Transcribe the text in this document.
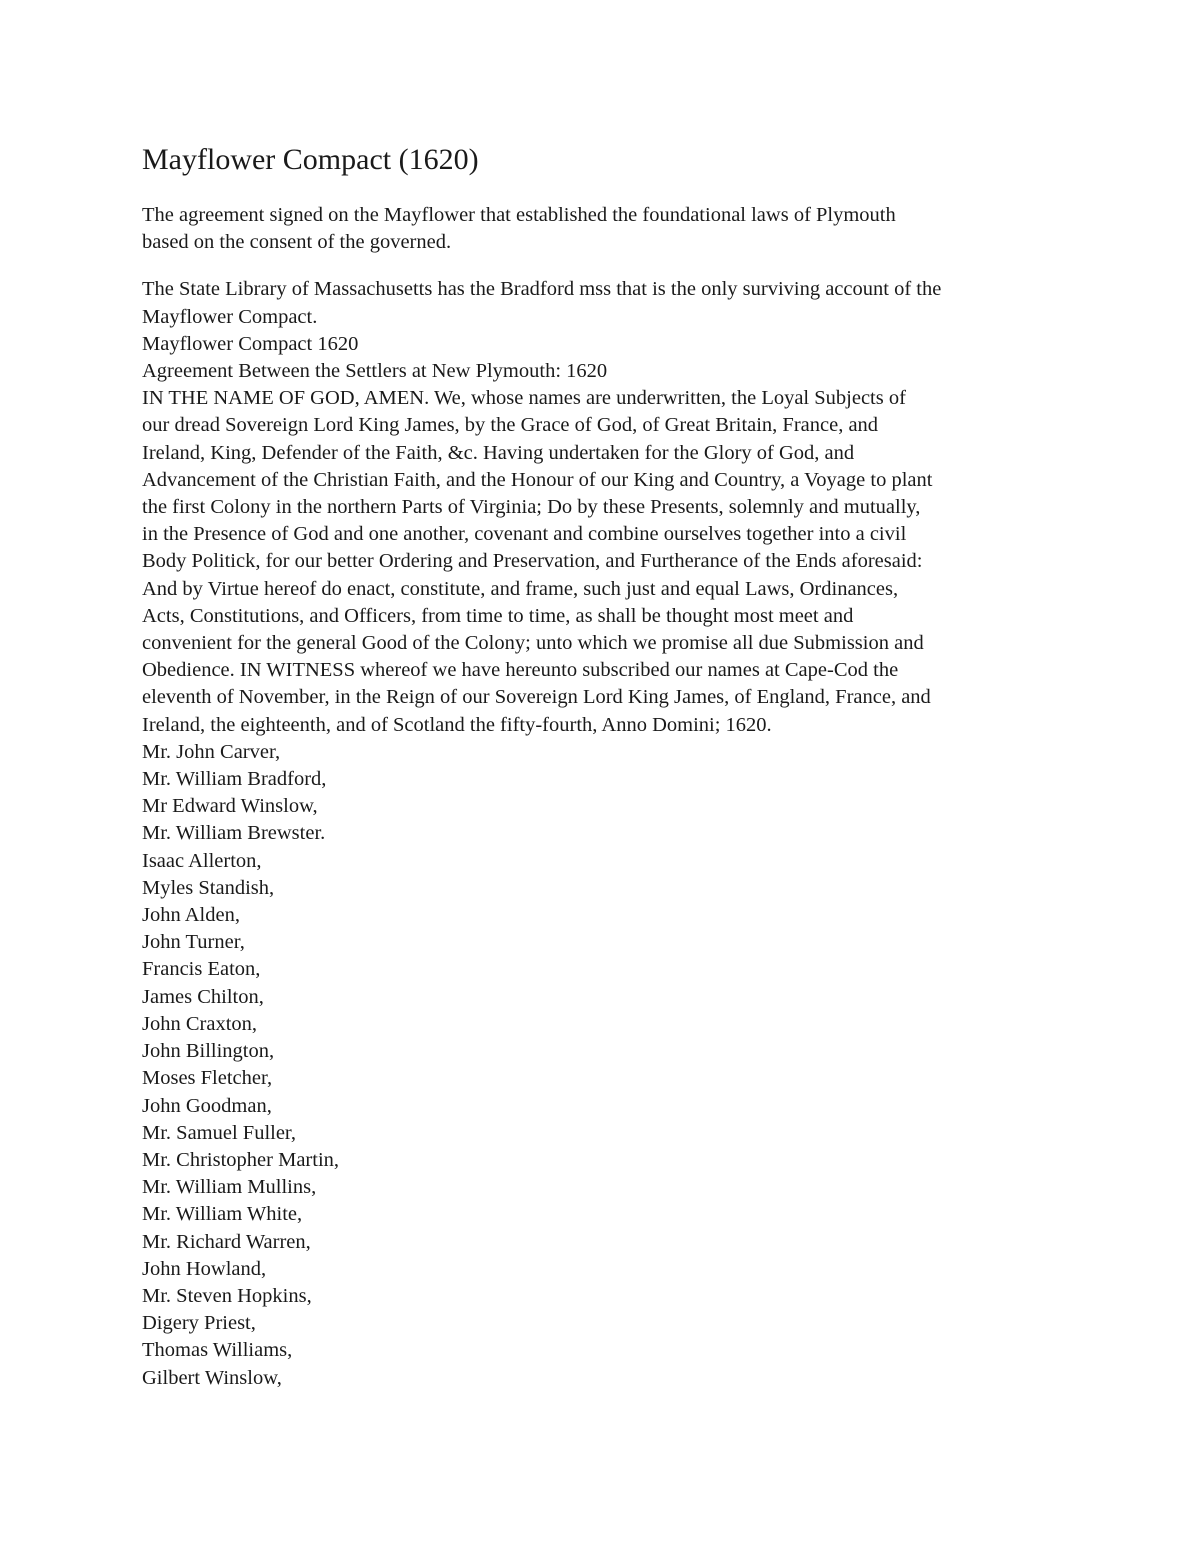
Mayflower Compact (1620)

The agreement signed on the Mayflower that established the foundational laws of Plymouth
based on the consent of the governed.

The State Library of Massachusetts has the Bradford mss that is the only surviving account of the
Mayflower Compact.
Mayflower Compact 1620
Agreement Between the Settlers at New Plymouth: 1620
IN THE NAME OF GOD, AMEN. We, whose names are underwritten, the Loyal Subjects of
our dread Sovereign Lord King James, by the Grace of God, of Great Britain, France, and
Ireland, King, Defender of the Faith, &c. Having undertaken for the Glory of God, and
Advancement of the Christian Faith, and the Honour of our King and Country, a Voyage to plant
the first Colony in the northern Parts of Virginia; Do by these Presents, solemnly and mutually,
in the Presence of God and one another, covenant and combine ourselves together into a civil
Body Politick, for our better Ordering and Preservation, and Furtherance of the Ends aforesaid:
And by Virtue hereof do enact, constitute, and frame, such just and equal Laws, Ordinances,
Acts, Constitutions, and Officers, from time to time, as shall be thought most meet and
convenient for the general Good of the Colony; unto which we promise all due Submission and
Obedience. IN WITNESS whereof we have hereunto subscribed our names at Cape-Cod the
eleventh of November, in the Reign of our Sovereign Lord King James, of England, France, and
Ireland, the eighteenth, and of Scotland the fifty-fourth, Anno Domini; 1620.
Mr. John Carver,
Mr. William Bradford,
Mr Edward Winslow,
Mr. William Brewster.
Isaac Allerton,
Myles Standish,
John Alden,
John Turner,
Francis Eaton,
James Chilton,
John Craxton,
John Billington,
Moses Fletcher,
John Goodman,
Mr. Samuel Fuller,
Mr. Christopher Martin,
Mr. William Mullins,
Mr. William White,
Mr. Richard Warren,
John Howland,
Mr. Steven Hopkins,
Digery Priest,
Thomas Williams,
Gilbert Winslow,
